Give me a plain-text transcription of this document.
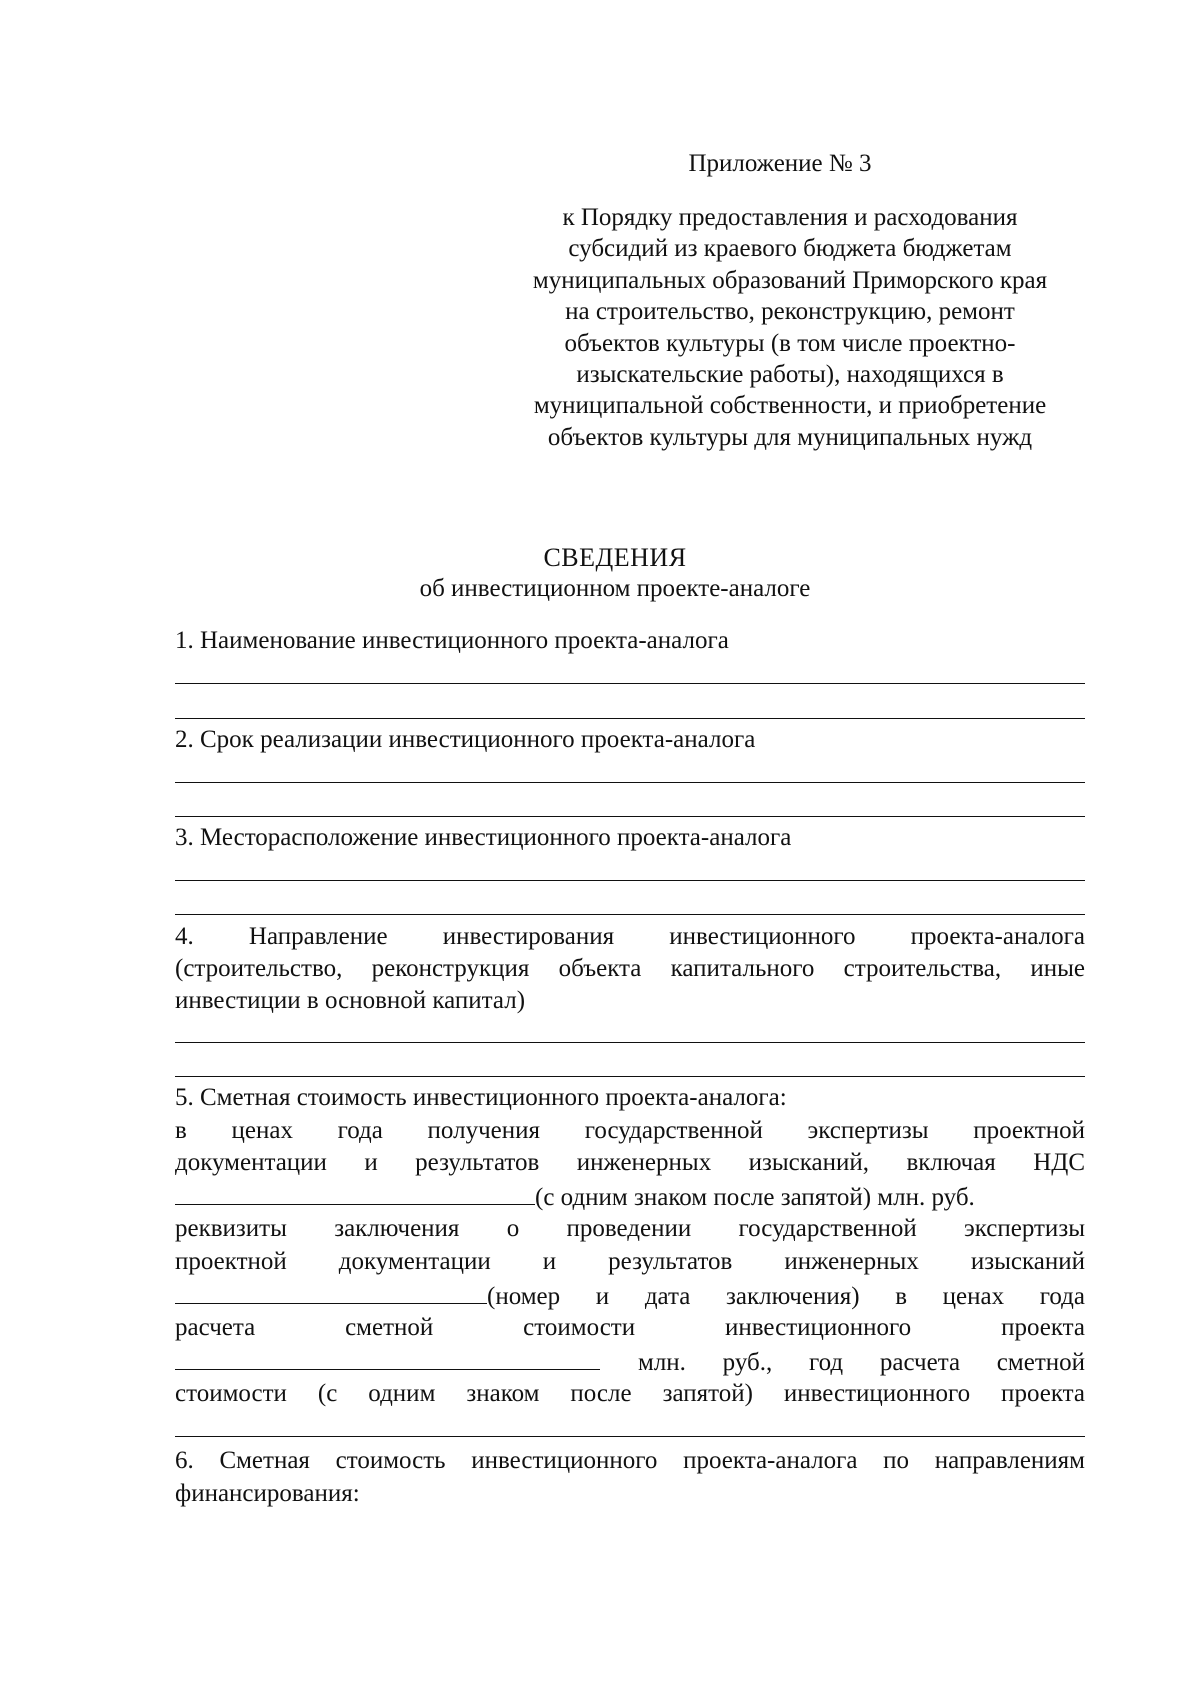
Приложение № 3
к Порядку предоставления и расходования
субсидий из краевого бюджета бюджетам
муниципальных образований Приморского края
на строительство, реконструкцию, ремонт
объектов культуры (в том числе проектно-
изыскательские работы), находящихся в
муниципальной собственности, и приобретение
объектов культуры для муниципальных нужд
СВЕДЕНИЯ
об инвестиционном проекте-аналоге
1. Наименование инвестиционного проекта-аналога
2. Срок реализации инвестиционного проекта-аналога
3. Месторасположение инвестиционного проекта-аналога
4. Направление инвестирования инвестиционного проекта-аналога
(строительство, реконструкция объекта капитального строительства, иные
инвестиции в основной капитал)
5. Сметная стоимость инвестиционного проекта-аналога:
в ценах года получения государственной экспертизы проектной
документации и результатов инженерных изысканий, включая НДС
(с одним знаком после запятой) млн. руб.
реквизиты заключения о проведении государственной экспертизы
проектной документации и результатов инженерных изысканий
(номер и дата заключения) в ценах года
расчета сметной стоимости инвестиционного проекта
млн. руб., год расчета сметной
стоимости (с одним знаком после запятой) инвестиционного проекта
6. Сметная стоимость инвестиционного проекта-аналога по направлениям
финансирования:
